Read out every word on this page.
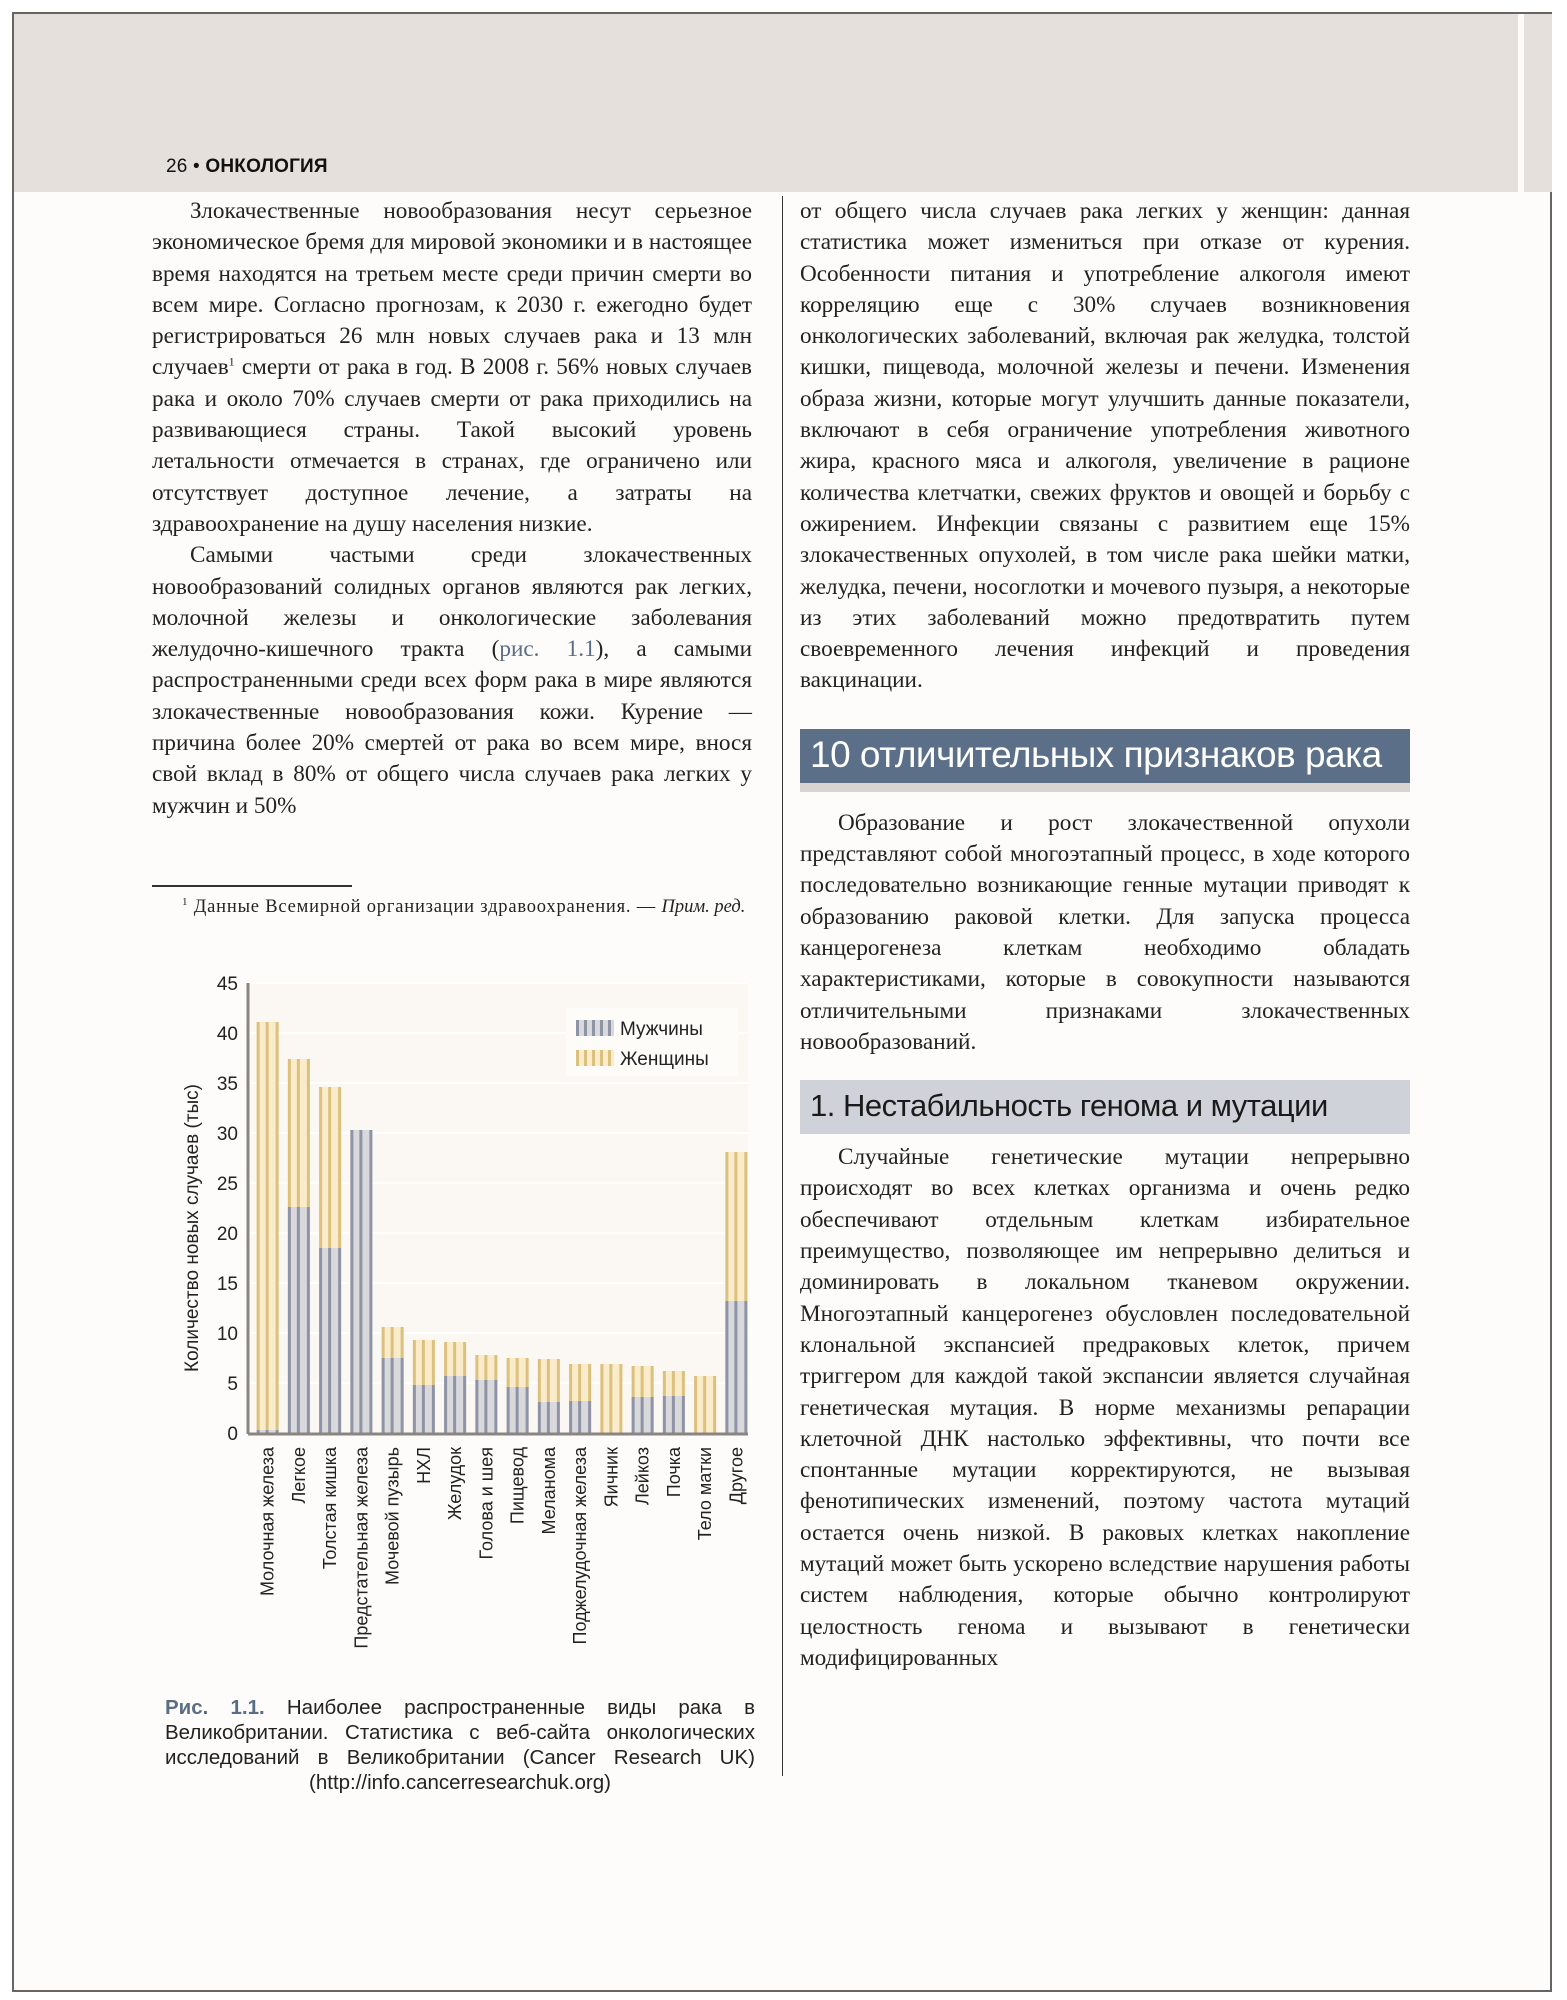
26 • ОНКОЛОГИЯ

Злокачественные новообразования несут серьезное экономическое бремя для мировой экономики и в настоящее время находятся на третьем месте среди причин смерти во всем мире. Согласно прогнозам, к 2030 г. ежегодно будет регистрироваться 26 млн новых случаев рака и 13 млн случаев$^1$ смерти от рака в год. В 2008 г. 56% новых случаев рака и около 70% случаев смерти от рака приходились на развивающиеся страны. Такой высокий уровень летальности отмечается в странах, где ограничено или отсутствует доступное лечение, а затраты на здравоохранение на душу населения низкие.

Самыми частыми среди злокачественных новообразований солидных органов являются рак легких, молочной железы и онкологические заболевания желудочно-кишечного тракта (рис. 1.1), а самыми распространенными среди всех форм рака в мире являются злокачественные новообразования кожи. Курение — причина более 20% смертей от рака во всем мире, внося свой вклад в 80% от общего числа случаев рака легких у мужчин и 50%

$^1$ Данные Всемирной организации здравоохранения. — Прим. ред.
0
5
10
15
20
25
30
35
40
45
Молочная железа Легкое Толстая кишка Предстательная железа Мочевой пузырь НХЛ Желудок Голова и шея Пищевод Меланома Поджелудочная железа Яичник Лейкоз Почка Тело матки Другое
Количество новых случаев (тыс)
Мужчины
Женщины
Рис. 1.1. Наиболее распространенные виды рака в Великобритании. Статистика с веб-сайта онкологических исследований в Великобритании (Cancer Research UK) (http://info.cancerresearchuk.org)

от общего числа случаев рака легких у женщин: данная статистика может измениться при отказе от курения. Особенности питания и употребление алкоголя имеют корреляцию еще с 30% случаев возникновения онкологических заболеваний, включая рак желудка, толстой кишки, пищевода, молочной железы и печени. Изменения образа жизни, которые могут улучшить данные показатели, включают в себя ограничение употребления животного жира, красного мяса и алкоголя, увеличение в рационе количества клетчатки, свежих фруктов и овощей и борьбу с ожирением. Инфекции связаны с развитием еще 15% злокачественных опухолей, в том числе рака шейки матки, желудка, печени, носоглотки и мочевого пузыря, а некоторые из этих заболеваний можно предотвратить путем своевременного лечения инфекций и проведения вакцинации.

10 отличительных признаков рака

Образование и рост злокачественной опухоли представляют собой многоэтапный процесс, в ходе которого последовательно возникающие генные мутации приводят к образованию раковой клетки. Для запуска процесса канцерогенеза клеткам необходимо обладать характеристиками, которые в совокупности называются отличительными признаками злокачественных новообразований.

1. Нестабильность генома и мутации

Случайные генетические мутации непрерывно происходят во всех клетках организма и очень редко обеспечивают отдельным клеткам избирательное преимущество, позволяющее им непрерывно делиться и доминировать в локальном тканевом окружении. Многоэтапный канцерогенез обусловлен последовательной клональной экспансией предраковых клеток, причем триггером для каждой такой экспансии является случайная генетическая мутация. В норме механизмы репарации клеточной ДНК настолько эффективны, что почти все спонтанные мутации корректируются, не вызывая фенотипических изменений, поэтому частота мутаций остается очень низкой. В раковых клетках накопление мутаций может быть ускорено вследствие нарушения работы систем наблюдения, которые обычно контролируют целостность генома и вызывают в генетически модифицированных
